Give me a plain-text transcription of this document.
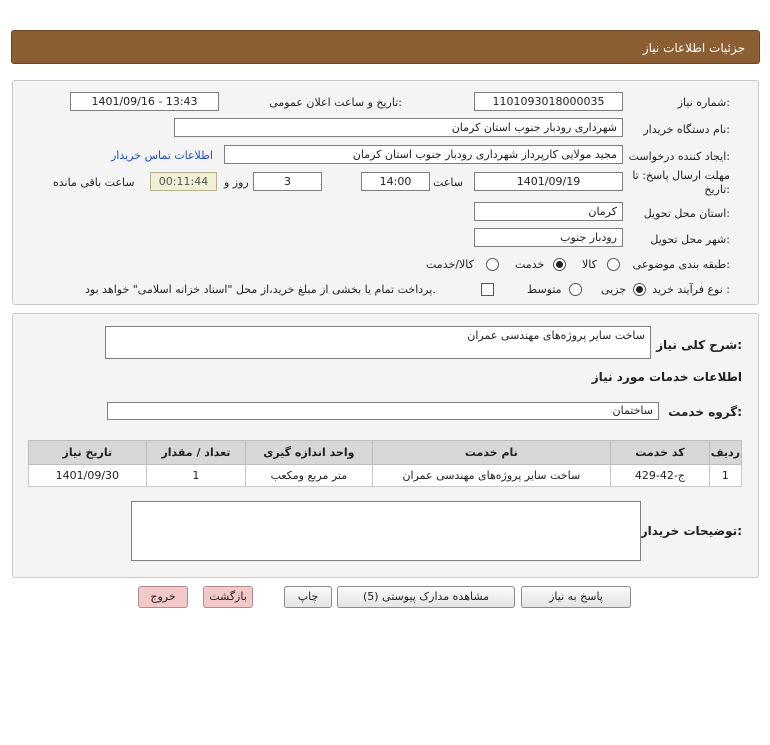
جزئیات اطلاعات نیاز
شماره نیاز:
1101093018000035
تاریخ و ساعت اعلان عمومی:
1401/09/16 - 13:43
نام دستگاه خریدار:
شهرداری رودبار جنوب استان کرمان
ایجاد کننده درخواست:
مجید مولایی کارپرداز شهرداری رودبار جنوب استان کرمان
اطلاعات تماس خریدار
مهلت ارسال پاسخ: تا
تاریخ:
1401/09/19
ساعت
14:00
3
روز و
00:11:44
ساعت باقی مانده
استان محل تحویل:
کرمان
شهر محل تحویل:
رودبار جنوب
طبقه بندی موضوعی:
کالا
خدمت
کالا/خدمت
نوع فرآیند خرید :
جزیی
متوسط
پرداخت تمام یا بخشی از مبلغ خرید،از محل "اسناد خزانه اسلامی" خواهد بود.
شرح کلی نیاز:
ساخت سایر پروژه‌های مهندسی عمران
اطلاعات خدمات مورد نیاز
گروه خدمت:
ساختمان
ردیف	کد خدمت	نام خدمت	واحد اندازه گیری	تعداد / مقدار	تاریخ نیاز
1	ج-42-429	ساخت سایر پروژه‌های مهندسی عمران	متر مربع ومکعب	1	1401/09/30
توضیحات خریدار:
پاسخ به نیاز
مشاهده مدارک پیوستی (5)
چاپ
بازگشت
خروج
